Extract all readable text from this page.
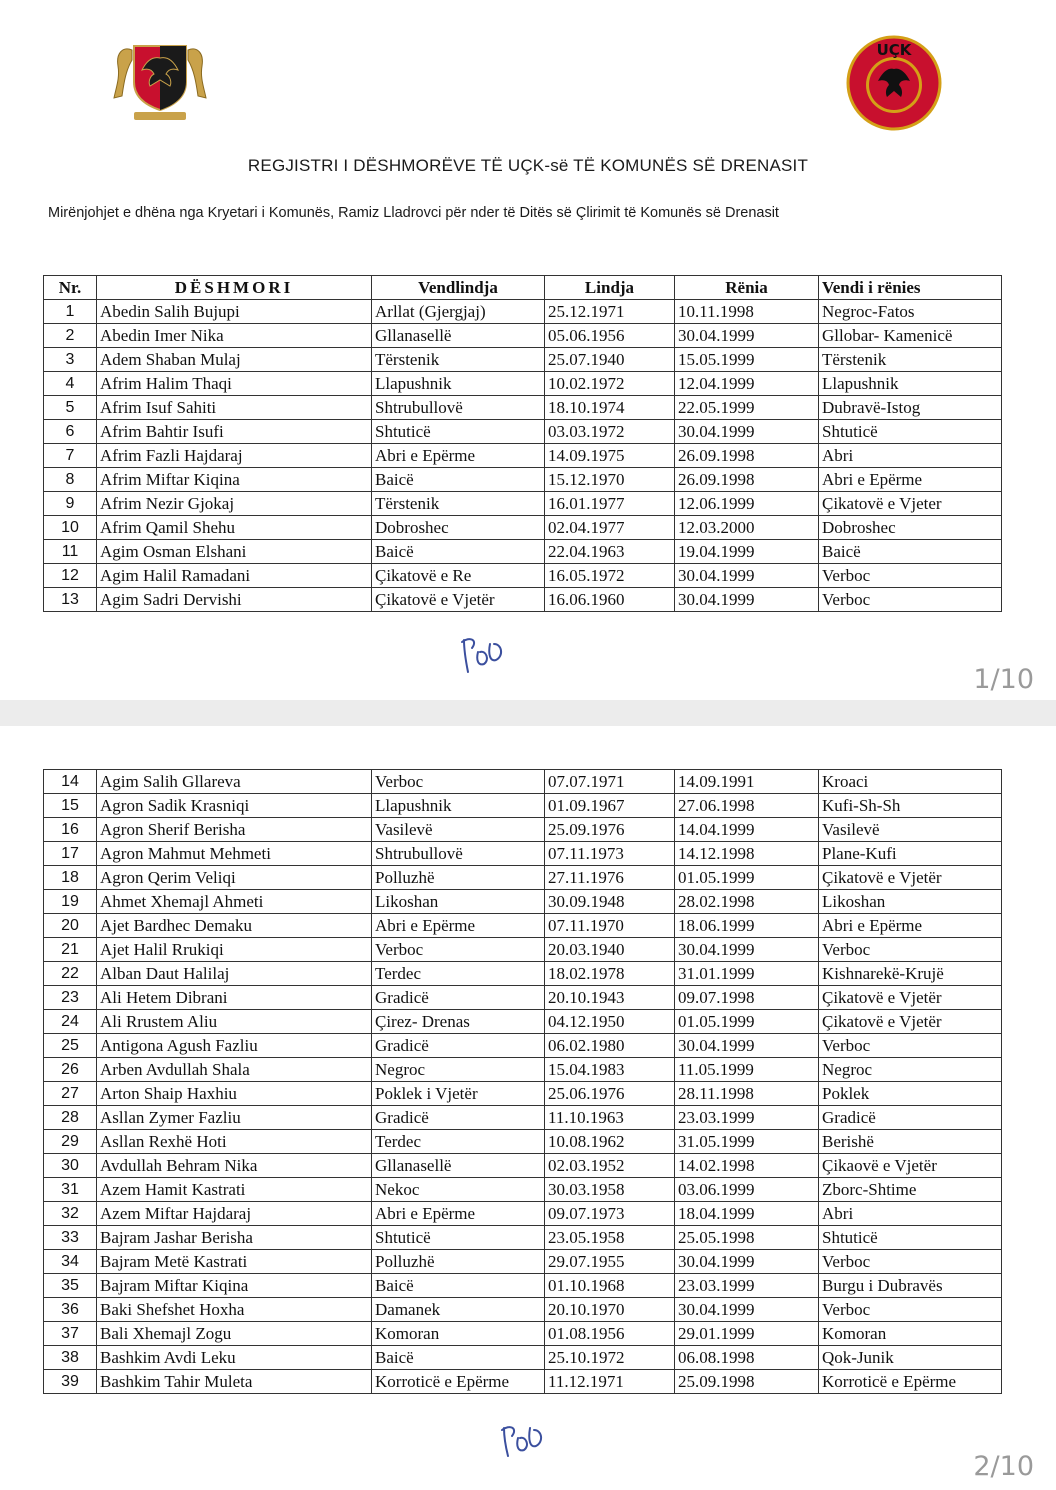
UÇK
REGJISTRI I DËSHMORËVE TË UÇK-së TË KOMUNËS SË DRENASIT
Mirënjohjet e dhëna nga Kryetari i Komunës, Ramiz Lladrovci për nder të Ditës së Çlirimit të Komunës së Drenasit
Nr.	DËSHMORI	Vendlindja	Lindja	Rënia	Vendi i rënies
1	Abedin Salih Bujupi	Arllat (Gjergjaj)	25.12.1971	10.11.1998	Negroc-Fatos
2	Abedin Imer Nika	Gllanasellë	05.06.1956	30.04.1999	Gllobar- Kamenicë
3	Adem Shaban Mulaj	Tërstenik	25.07.1940	15.05.1999	Tërstenik
4	Afrim Halim Thaqi	Llapushnik	10.02.1972	12.04.1999	Llapushnik
5	Afrim Isuf Sahiti	Shtrubullovë	18.10.1974	22.05.1999	Dubravë-Istog
6	Afrim Bahtir Isufi	Shtuticë	03.03.1972	30.04.1999	Shtuticë
7	Afrim Fazli Hajdaraj	Abri e Epërme	14.09.1975	26.09.1998	Abri
8	Afrim Miftar Kiqina	Baicë	15.12.1970	26.09.1998	Abri e Epërme
9	Afrim Nezir Gjokaj	Tërstenik	16.01.1977	12.06.1999	Çikatovë e Vjeter
10	Afrim Qamil Shehu	Dobroshec	02.04.1977	12.03.2000	Dobroshec
11	Agim Osman Elshani	Baicë	22.04.1963	19.04.1999	Baicë
12	Agim Halil Ramadani	Çikatovë e Re	16.05.1972	30.04.1999	Verboc
13	Agim Sadri Dervishi	Çikatovë e Vjetër	16.06.1960	30.04.1999	Verboc
1/10
14	Agim Salih Gllareva	Verboc	07.07.1971	14.09.1991	Kroaci
15	Agron Sadik Krasniqi	Llapushnik	01.09.1967	27.06.1998	Kufi-Sh-Sh
16	Agron Sherif Berisha	Vasilevë	25.09.1976	14.04.1999	Vasilevë
17	Agron Mahmut Mehmeti	Shtrubullovë	07.11.1973	14.12.1998	Plane-Kufi
18	Agron Qerim Veliqi	Polluzhë	27.11.1976	01.05.1999	Çikatovë e Vjetër
19	Ahmet Xhemajl Ahmeti	Likoshan	30.09.1948	28.02.1998	Likoshan
20	Ajet Bardhec Demaku	Abri e Epërme	07.11.1970	18.06.1999	Abri e Epërme
21	Ajet Halil Rrukiqi	Verboc	20.03.1940	30.04.1999	Verboc
22	Alban Daut Halilaj	Terdec	18.02.1978	31.01.1999	Kishnarekë-Krujë
23	Ali Hetem Dibrani	Gradicë	20.10.1943	09.07.1998	Çikatovë e Vjetër
24	Ali Rrustem Aliu	Çirez- Drenas	04.12.1950	01.05.1999	Çikatovë e Vjetër
25	Antigona Agush Fazliu	Gradicë	06.02.1980	30.04.1999	Verboc
26	Arben Avdullah Shala	Negroc	15.04.1983	11.05.1999	Negroc
27	Arton Shaip Haxhiu	Poklek i Vjetër	25.06.1976	28.11.1998	Poklek
28	Asllan Zymer Fazliu	Gradicë	11.10.1963	23.03.1999	Gradicë
29	Asllan Rexhë Hoti	Terdec	10.08.1962	31.05.1999	Berishë
30	Avdullah Behram Nika	Gllanasellë	02.03.1952	14.02.1998	Çikaovë e Vjetër
31	Azem Hamit Kastrati	Nekoc	30.03.1958	03.06.1999	Zborc-Shtime
32	Azem Miftar Hajdaraj	Abri e Epërme	09.07.1973	18.04.1999	Abri
33	Bajram Jashar Berisha	Shtuticë	23.05.1958	25.05.1998	Shtuticë
34	Bajram Metë Kastrati	Polluzhë	29.07.1955	30.04.1999	Verboc
35	Bajram Miftar Kiqina	Baicë	01.10.1968	23.03.1999	Burgu i Dubravës
36	Baki Shefshet Hoxha	Damanek	20.10.1970	30.04.1999	Verboc
37	Bali Xhemajl Zogu	Komoran	01.08.1956	29.01.1999	Komoran
38	Bashkim Avdi Leku	Baicë	25.10.1972	06.08.1998	Qok-Junik
39	Bashkim Tahir Muleta	Korroticë e Epërme	11.12.1971	25.09.1998	Korroticë e Epërme
2/10
